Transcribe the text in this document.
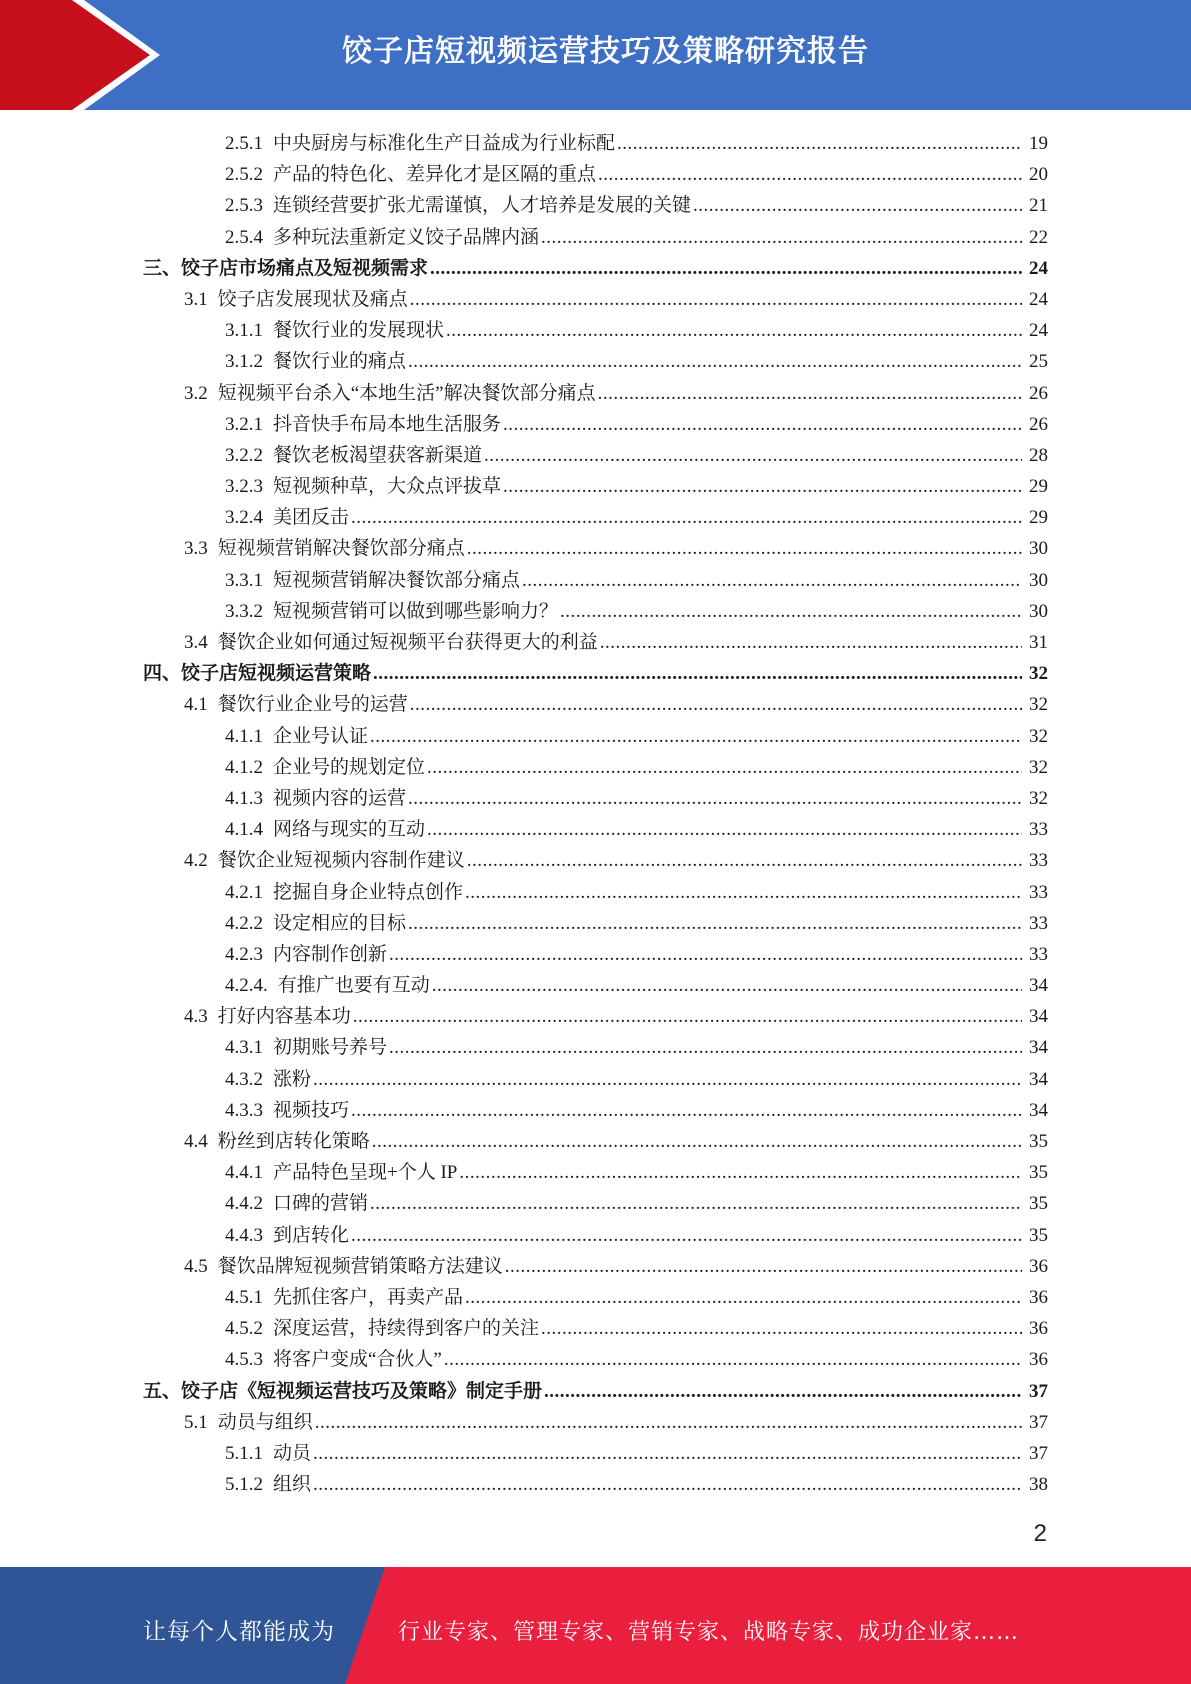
饺子店短视频运营技巧及策略研究报告
2.5.1 中央厨房与标准化生产日益成为行业标配 .....	19
2.5.2 产品的特色化、差异化才是区隔的重点 .....	20
2.5.3 连锁经营要扩张尤需谨慎，人才培养是发展的关键 .....	21
2.5.4 多种玩法重新定义饺子品牌内涵 .....	22
三、 饺子店市场痛点及短视频需求 .....	24
3.1 饺子店发展现状及痛点 .....	24
3.1.1 餐饮行业的发展现状 .....	24
3.1.2 餐饮行业的痛点 .....	25
3.2 短视频平台杀入“本地生活”解决餐饮部分痛点 .....	26
3.2.1 抖音快手布局本地生活服务 .....	26
3.2.2 餐饮老板渴望获客新渠道 .....	28
3.2.3 短视频种草，大众点评拔草 .....	29
3.2.4 美团反击 .....	29
3.3 短视频营销解决餐饮部分痛点 .....	30
3.3.1 短视频营销解决餐饮部分痛点 .....	30
3.3.2 短视频营销可以做到哪些影响力？ .....	30
3.4 餐饮企业如何通过短视频平台获得更大的利益 .....	31
四、 饺子店短视频运营策略 .....	32
4.1 餐饮行业企业号的运营 .....	32
4.1.1 企业号认证 .....	32
4.1.2 企业号的规划定位 .....	32
4.1.3 视频内容的运营 .....	32
4.1.4 网络与现实的互动 .....	33
4.2 餐饮企业短视频内容制作建议 .....	33
4.2.1 挖掘自身企业特点创作 .....	33
4.2.2 设定相应的目标 .....	33
4.2.3 内容制作创新 .....	33
4.2.4. 有推广也要有互动 .....	34
4.3 打好内容基本功 .....	34
4.3.1 初期账号养号 .....	34
4.3.2 涨粉 .....	34
4.3.3 视频技巧 .....	34
4.4 粉丝到店转化策略 .....	35
4.4.1 产品特色呈现+个人 IP .....	35
4.4.2 口碑的营销 .....	35
4.4.3 到店转化 .....	35
4.5 餐饮品牌短视频营销策略方法建议 .....	36
4.5.1 先抓住客户，再卖产品 .....	36
4.5.2 深度运营，持续得到客户的关注 .....	36
4.5.3 将客户变成“合伙人” .....	36
五、 饺子店《短视频运营技巧及策略》制定手册 .....	37
5.1 动员与组织 .....	37
5.1.1 动员 .....	37
5.1.2 组织 .....	38
2
让每个人都能成为	行业专家、管理专家、营销专家、战略专家、成功企业家……
